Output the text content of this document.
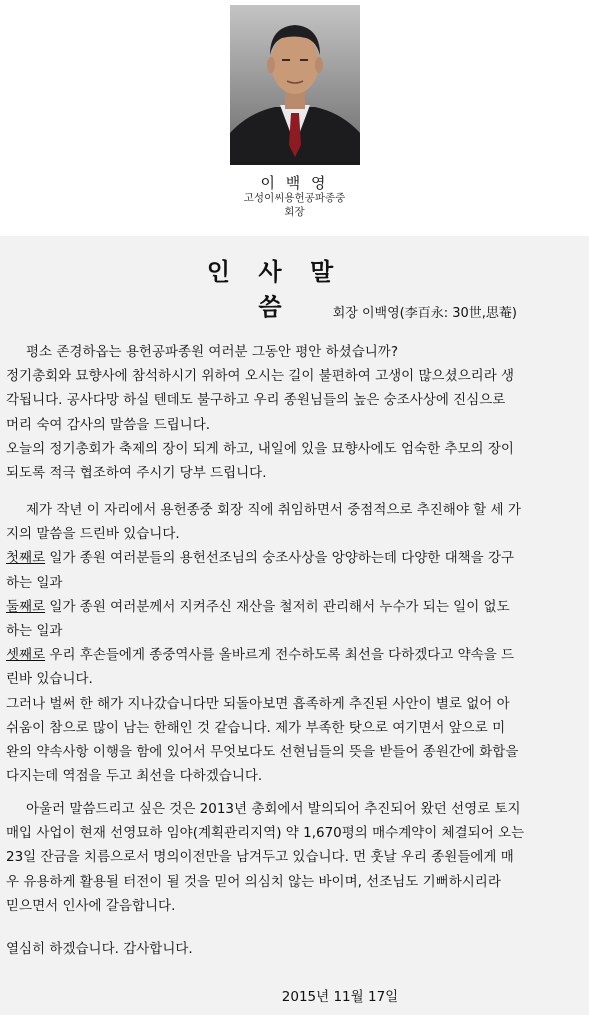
이 백 영
고성이씨용헌공파종중
회장
인 사 말 씀	회장 이백영(李百永: 30世,思菴)
평소 존경하옵는 용헌공파종원 여러분 그동안 평안 하셨습니까?
정기총회와 묘향사에 참석하시기 위하여 오시는 길이 불편하여 고생이 많으셨으리라 생
각됩니다. 공사다망 하실 텐데도 불구하고 우리 종원님들의 높은 숭조사상에 진심으로
머리 숙여 감사의 말씀을 드립니다.
오늘의 정기총회가 축제의 장이 되게 하고, 내일에 있을 묘향사에도 엄숙한 추모의 장이
되도록 적극 협조하여 주시기 당부 드립니다.
제가 작년 이 자리에서 용헌종중 회장 직에 취임하면서 중점적으로 추진해야 할 세 가
지의 말씀을 드린바 있습니다.
첫째로 일가 종원 여러분들의 용헌선조님의 숭조사상을 앙양하는데 다양한 대책을 강구
하는 일과
둘째로 일가 종원 여러분께서 지켜주신 재산을 철저히 관리해서 누수가 되는 일이 없도
하는 일과
셋째로 우리 후손들에게 종중역사를 올바르게 전수하도록 최선을 다하겠다고 약속을 드
린바 있습니다.
그러나 벌써 한 해가 지나갔습니다만 되돌아보면 흡족하게 추진된 사안이 별로 없어 아
쉬움이 참으로 많이 남는 한해인 것 같습니다. 제가 부족한 탓으로 여기면서 앞으로 미
완의 약속사항 이행을 함에 있어서 무엇보다도 선현님들의 뜻을 받들어 종원간에 화합을
다지는데 역점을 두고 최선을 다하겠습니다.
아울러 말씀드리고 싶은 것은 2013년 총회에서 발의되어 추진되어 왔던 선영로 토지
매입 사업이 현재 선영묘하 임야(계획관리지역) 약 1,670평의 매수계약이 체결되어 오는
23일 잔금을 치름으로서 명의이전만을 남겨두고 있습니다. 먼 훗날 우리 종원들에게 매
우 유용하게 활용될 터전이 될 것을 믿어 의심치 않는 바이며, 선조님도 기뻐하시리라
믿으면서 인사에 갈음합니다.
열심히 하겠습니다. 감사합니다.
2015년 11월 17일
